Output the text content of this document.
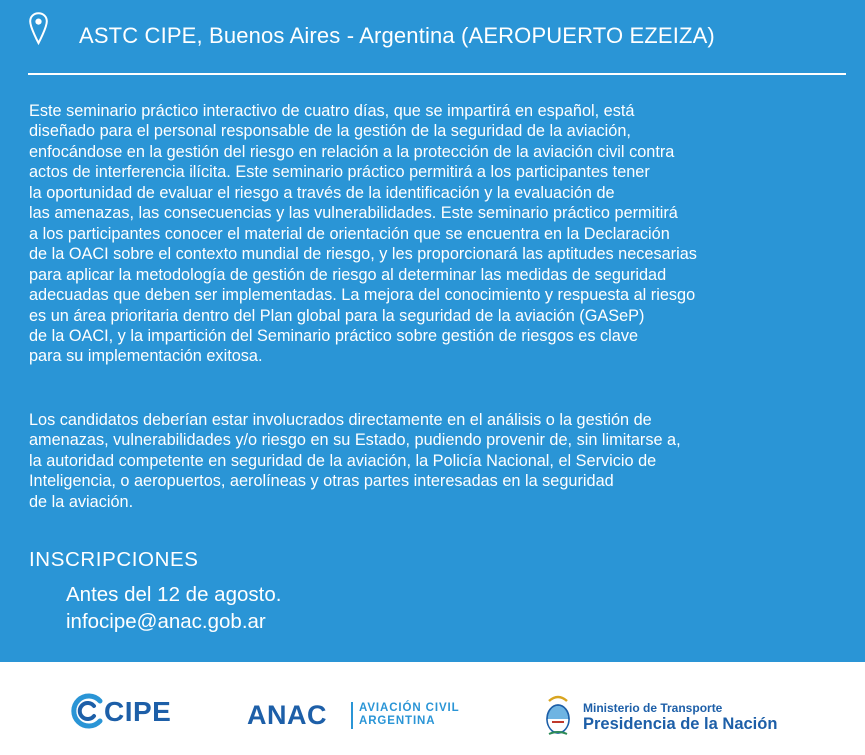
ASTC CIPE, Buenos Aires - Argentina (AEROPUERTO EZEIZA)

Este seminario práctico interactivo de cuatro días, que se impartirá en español, está
diseñado para el personal responsable de la gestión de la seguridad de la aviación,
enfocándose en la gestión del riesgo en relación a la protección de la aviación civil contra
actos de interferencia ilícita. Este seminario práctico permitirá a los participantes tener
la oportunidad de evaluar el riesgo a través de la identificación y la evaluación de
las amenazas, las consecuencias y las vulnerabilidades. Este seminario práctico permitirá
a los participantes conocer el material de orientación que se encuentra en la Declaración
de la OACI sobre el contexto mundial de riesgo, y les proporcionará las aptitudes necesarias
para aplicar la metodología de gestión de riesgo al determinar las medidas de seguridad
adecuadas que deben ser implementadas. La mejora del conocimiento y respuesta al riesgo
es un área prioritaria dentro del Plan global para la seguridad de la aviación (GASeP)
de la OACI, y la impartición del Seminario práctico sobre gestión de riesgos es clave
para su implementación exitosa.

Los candidatos deberían estar involucrados directamente en el análisis o la gestión de
amenazas, vulnerabilidades y/o riesgo en su Estado, pudiendo provenir de, sin limitarse a,
la autoridad competente en seguridad de la aviación, la Policía Nacional, el Servicio de
Inteligencia, o aeropuertos, aerolíneas y otras partes interesadas en la seguridad
de la aviación.

INSCRIPCIONES
Antes del 12 de agosto.
infocipe@anac.gob.ar
CIPE	ANAC	AVIACIÓN CIVIL
ARGENTINA
Ministerio de Transporte
Presidencia de la Nación
